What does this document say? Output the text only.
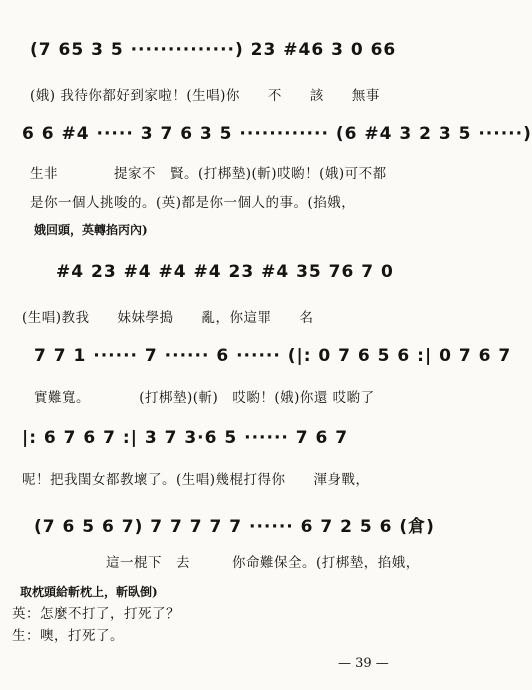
(7 65 3 5 ··············) 23 #46 3 0 66
(娥) 我待你都好到家啦！(生唱)你　　不　　該　　無事
6 6 #4 ····· 3 7 6 3 5 ············ (6 #4 3 2 3 5 ······)
生非　　　　提家不　賢。(打梆墊)(斬)哎喲！(娥)可不都
是你一個人挑唆的。(英)都是你一個人的事。(掐娥，
娥回頭，英轉掐丙內)
#4 23 #4 #4 #4 23 #4 35 76 7 0
(生唱)教我　　妹妹學搗　　亂，你這罪　　名
7 7 1 ······ 7 ······ 6 ······ (|: 0 7 6 5 6 :| 0 7 6 7
實難寬。　　　　(打梆墊)(斬)　哎喲！(娥)你還 哎喲了
|: 6 7 6 7 :| 3 7 3·6 5 ······ 7 6 7
呢！把我閨女都教壞了。(生唱)幾棍打得你　　渾身戰，
(7 6 5 6 7) 7 7 7 7 7 ······ 6 7 2 5 6 (倉)
這一棍下　去　　　你命難保全。(打梆墊，掐娥，
取枕頭給斬枕上，斬臥倒)
英：怎麼不打了，打死了？
生：噢，打死了。
— 39 —
